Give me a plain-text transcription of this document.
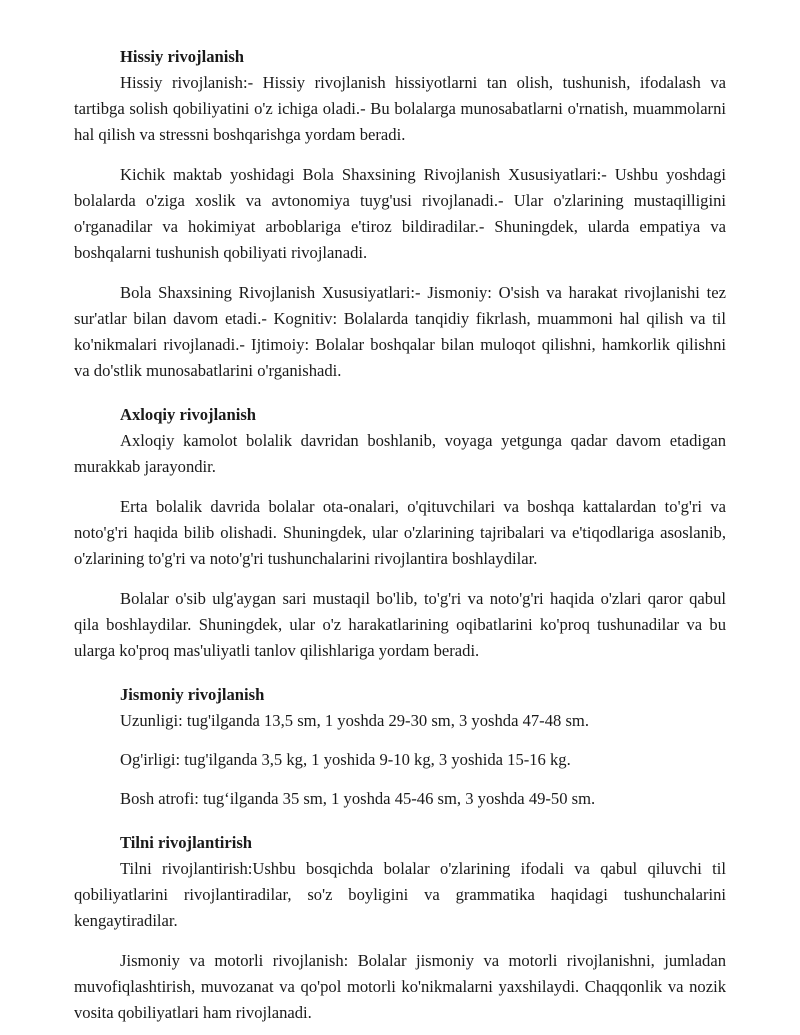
Hissiy rivojlanish

Hissiy rivojlanish:- Hissiy rivojlanish hissiyotlarni tan olish, tushunish, ifodalash va tartibga solish qobiliyatini o'z ichiga oladi.- Bu bolalarga munosabatlarni o'rnatish, muammolarni hal qilish va stressni boshqarishga yordam beradi.

Kichik maktab yoshidagi Bola Shaxsining Rivojlanish Xususiyatlari:- Ushbu yoshdagi bolalarda o'ziga xoslik va avtonomiya tuyg'usi rivojlanadi.- Ular o'zlarining mustaqilligini o'rganadilar va hokimiyat arboblariga e'tiroz bildiradilar.- Shuningdek, ularda empatiya va boshqalarni tushunish qobiliyati rivojlanadi.

Bola Shaxsining Rivojlanish Xususiyatlari:- Jismoniy: O'sish va harakat rivojlanishi tez sur'atlar bilan davom etadi.- Kognitiv: Bolalarda tanqidiy fikrlash, muammoni hal qilish va til ko'nikmalari rivojlanadi.- Ijtimoiy: Bolalar boshqalar bilan muloqot qilishni, hamkorlik qilishni va do'stlik munosabatlarini o'rganishadi.

Axloqiy rivojlanish

Axloqiy kamolot bolalik davridan boshlanib, voyaga yetgunga qadar davom etadigan murakkab jarayondir.

Erta bolalik davrida bolalar ota-onalari, o'qituvchilari va boshqa kattalardan to'g'ri va noto'g'ri haqida bilib olishadi. Shuningdek, ular o'zlarining tajribalari va e'tiqodlariga asoslanib, o'zlarining to'g'ri va noto'g'ri tushunchalarini rivojlantira boshlaydilar.

Bolalar o'sib ulg'aygan sari mustaqil bo'lib, to'g'ri va noto'g'ri haqida o'zlari qaror qabul qila boshlaydilar. Shuningdek, ular o'z harakatlarining oqibatlarini ko'proq tushunadilar va bu ularga ko'proq mas'uliyatli tanlov qilishlariga yordam beradi.

Jismoniy rivojlanish

Uzunligi: tug'ilganda 13,5 sm, 1 yoshda 29-30 sm, 3 yoshda 47-48 sm.

Og'irligi: tug'ilganda 3,5 kg, 1 yoshida 9-10 kg, 3 yoshida 15-16 kg.

Bosh atrofi: tug‘ilganda 35 sm, 1 yoshda 45-46 sm, 3 yoshda 49-50 sm.

Tilni rivojlantirish

Tilni rivojlantirish:Ushbu bosqichda bolalar o'zlarining ifodali va qabul qiluvchi til qobiliyatlarini rivojlantiradilar, so'z boyligini va grammatika haqidagi tushunchalarini kengaytiradilar.

Jismoniy va motorli rivojlanish: Bolalar jismoniy va motorli rivojlanishni, jumladan muvofiqlashtirish, muvozanat va qo'pol motorli ko'nikmalarni yaxshilaydi. Chaqqonlik va nozik vosita qobiliyatlari ham rivojlanadi.
